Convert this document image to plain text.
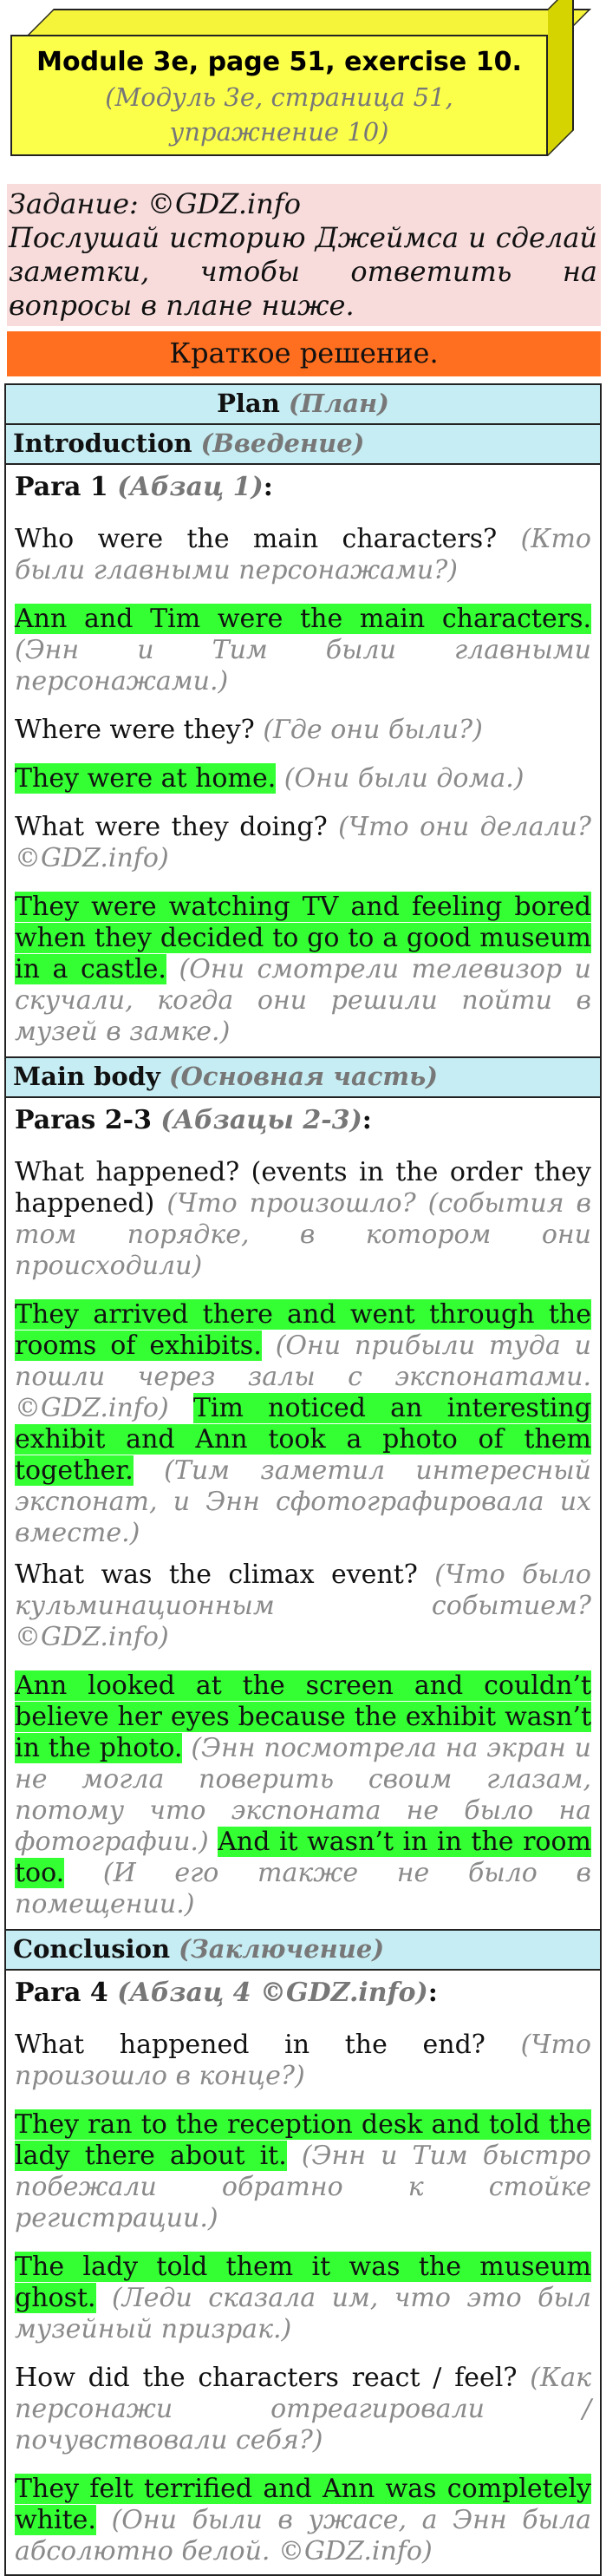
Module 3e, page 51, exercise 10.
(Модуль 3е, страница 51,
упражнение 10)
Задание: ©GDZ.info
Послушай историю Джеймса и сделай заметки, чтобы ответить на вопросы в плане ниже.
Краткое решение.
Plan (План)
Introduction (Введение)
Para 1 (Абзац 1):

Who were the main characters? (Кто были главными персонажами?)

Ann and Tim were the main characters. (Энн и Тим были главными персонажами.)

Where were they? (Где они были?)

They were at home. (Они были дома.)

What were they doing? (Что они делали? ©GDZ.info)

They were watching TV and feeling bored when they decided to go to a good museum in a castle. (Они смотрели телевизор и скучали, когда они решили пойти в музей в замке.)

Main body (Основная часть)
Paras 2-3 (Абзацы 2-3):

What happened? (events in the order they happened) (Что произошло? (события в том порядке, в котором они происходили)

They arrived there and went through the rooms of exhibits. (Они прибыли туда и пошли через залы с экспонатами. ©GDZ.info) Tim noticed an interesting exhibit and Ann took a photo of them together. (Тим заметил интересный экспонат, и Энн сфотографировала их вместе.)

What was the climax event? (Что было кульминационным событием? ©GDZ.info)

Ann looked at the screen and couldn’t believe her eyes because the exhibit wasn’t in the photo. (Энн посмотрела на экран и не могла поверить своим глазам, потому что экспоната не было на фотографии.) And it wasn’t in in the room too. (И его также не было в помещении.)

Conclusion (Заключение)
Para 4 (Абзац 4 ©GDZ.info):

What happened in the end? (Что произошло в конце?)

They ran to the reception desk and told the lady there about it. (Энн и Тим быстро побежали обратно к стойке регистрации.)

The lady told them it was the museum ghost. (Леди сказала им, что это был музейный призрак.)

How did the characters react / feel? (Как персонажи отреагировали / почувствовали себя?)

They felt terrified and Ann was completely white. (Они были в ужасе, а Энн была абсолютно белой. ©GDZ.info)
